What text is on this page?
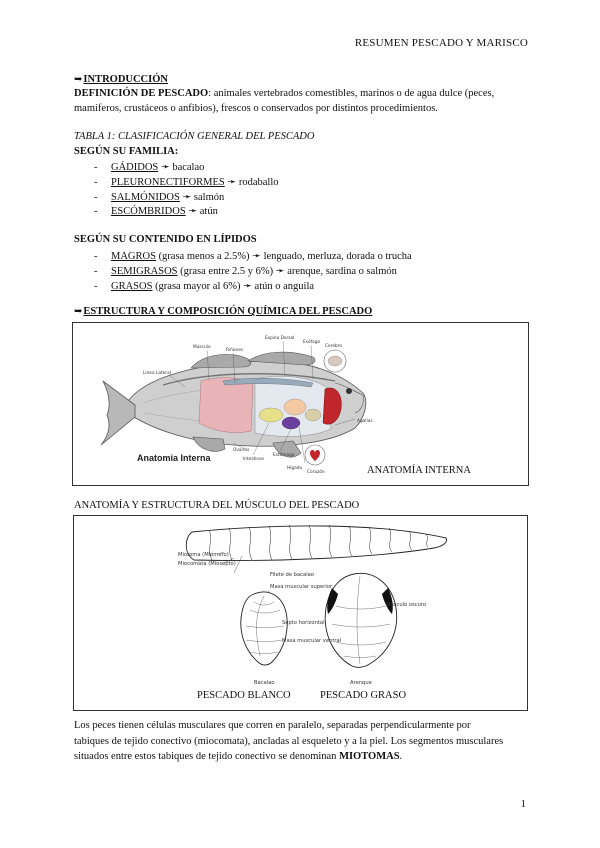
RESUMEN PESCADO Y MARISCO
➥INTRODUCCIÓN
DEFINICIÓN DE PESCADO: animales vertebrados comestibles, marinos o de agua dulce (peces,
mamíferos, crustáceos o anfibios), frescos o conservados por distintos procedimientos.
TABLA 1: CLASIFICACIÓN GENERAL DEL PESCADO
SEGÚN SU FAMILIA:
- GÁDIDOS ➛ bacalao
- PLEURONECTIFORMES ➛ rodaballo
- SALMÓNIDOS ➛ salmón
- ESCÓMBRIDOS ➛ atún
SEGÚN SU CONTENIDO EN LÍPIDOS
- MAGROS (grasa menos a 2.5%) ➛ lenguado, merluza, dorada o trucha
- SEMIGRASOS (grasa entre 2.5 y 6%) ➛ arenque, sardina o salmón
- GRASOS (grasa mayor al 6%) ➛ atún o anguila
➥ESTRUCTURA Y COMPOSICIÓN QUÍMICA DEL PESCADO
Espina Dorsal
Músculo
Riñones
Línea Lateral
Esófago
Cerebro
Agallas
Ovarios
Intestinos
Estómago
Hígado
Corazón
Anatomia Interna
ANATOMÍA INTERNA
ANATOMÍA Y ESTRUCTURA DEL MÚSCULO DEL PESCADO
Miotoma (Miómero)
Miocomata (Miosepto)
Filete de bacalao
Masa muscular superior
Septo horizontal
Masa muscular ventral
Músculo oscuro
Bacalao	Arenque
PESCADO BLANCO	PESCADO GRASO
Los peces tienen células musculares que corren en paralelo, separadas perpendicularmente por
tabiques de tejido conectivo (miocomata), ancladas al esqueleto y a la piel. Los segmentos musculares
situados entre estos tabiques de tejido conectivo se denominan MIOTOMAS.
1
